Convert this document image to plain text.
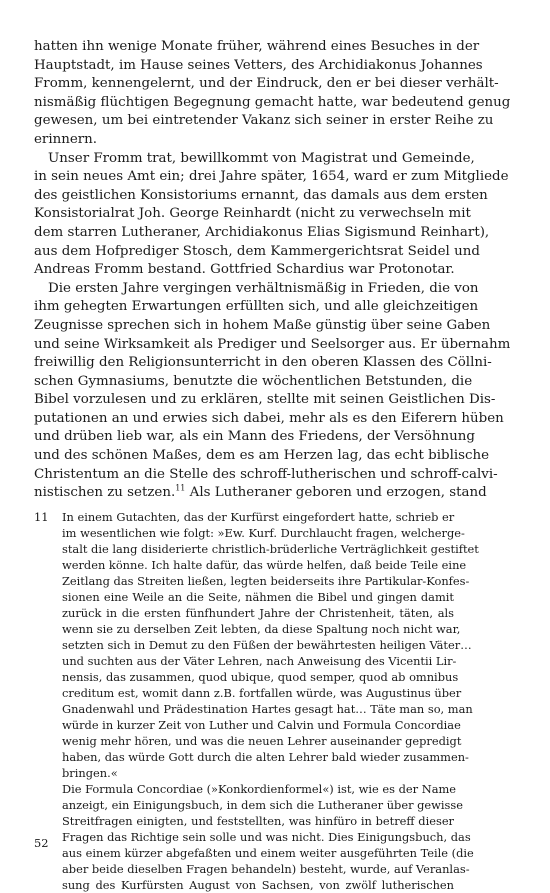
hatten ihn wenige Monate früher, während eines Besuches in der
Hauptstadt, im Hause seines Vetters, des Archidiakonus Johannes
Fromm, kennengelernt, und der Eindruck, den er bei dieser verhält-
nismäßig flüchtigen Begegnung gemacht hatte, war bedeutend genug
gewesen, um bei eintretender Vakanz sich seiner in erster Reihe zu
erinnern.
Unser Fromm trat, bewillkommt von Magistrat und Gemeinde,
in sein neues Amt ein; drei Jahre später, 1654, ward er zum Mitgliede
des geistlichen Konsistoriums ernannt, das damals aus dem ersten
Konsistorialrat Joh. George Reinhardt (nicht zu verwechseln mit
dem starren Lutheraner, Archidiakonus Elias Sigismund Reinhart),
aus dem Hofprediger Stosch, dem Kammergerichtsrat Seidel und
Andreas Fromm bestand. Gottfried Schardius war Protonotar.
Die ersten Jahre vergingen verhältnismäßig in Frieden, die von
ihm gehegten Erwartungen erfüllten sich, und alle gleichzeitigen
Zeugnisse sprechen sich in hohem Maße günstig über seine Gaben
und seine Wirksamkeit als Prediger und Seelsorger aus. Er übernahm
freiwillig den Religionsunterricht in den oberen Klassen des Cöllni-
schen Gymnasiums, benutzte die wöchentlichen Betstunden, die
Bibel vorzulesen und zu erklären, stellte mit seinen Geistlichen Dis-
putationen an und erwies sich dabei, mehr als es den Eiferern hüben
und drüben lieb war, als ein Mann des Friedens, der Versöhnung
und des schönen Maßes, dem es am Herzen lag, das echt biblische
Christentum an die Stelle des schroff-lutherischen und schroff-calvi-
nistischen zu setzen.$^{11}$ Als Lutheraner geboren und erzogen, stand
11	In einem Gutachten, das der Kurfürst eingefordert hatte, schrieb er
im wesentlichen wie folgt: »Ew. Kurf. Durchlaucht fragen, welcherge-
stalt die lang disiderierte christlich-brüderliche Verträglichkeit gestiftet
werden könne. Ich halte dafür, das würde helfen, daß beide Teile eine
Zeitlang das Streiten ließen, legten beiderseits ihre Partikular-Konfes-
sionen eine Weile an die Seite, nähmen die Bibel und gingen damit
zurück in die ersten fünfhundert Jahre der Christenheit, täten, als
wenn sie zu derselben Zeit lebten, da diese Spaltung noch nicht war,
setzten sich in Demut zu den Füßen der bewährtesten heiligen Väter…
und suchten aus der Väter Lehren, nach Anweisung des Vicentii Lir-
nensis, das zusammen, quod ubique, quod semper, quod ab omnibus
creditum est, womit dann z.B. fortfallen würde, was Augustinus über
Gnadenwahl und Prädestination Hartes gesagt hat… Täte man so, man
würde in kurzer Zeit von Luther und Calvin und Formula Concordiae
wenig mehr hören, und was die neuen Lehrer auseinander gepredigt
haben, das würde Gott durch die alten Lehrer bald wieder zusammen-
bringen.«
Die Formula Concordiae (»Konkordienformel«) ist, wie es der Name
anzeigt, ein Einigungsbuch, in dem sich die Lutheraner über gewisse
Streitfragen einigten, und feststellten, was hinfüro in betreff dieser
Fragen das Richtige sein solle und was nicht. Dies Einigungsbuch, das
aus einem kürzer abgefaßten und einem weiter ausgeführten Teile (die
aber beide dieselben Fragen behandeln) besteht, wurde, auf Veranlas-
sung des Kurfürsten August von Sachsen, von zwölf lutherischen
52
